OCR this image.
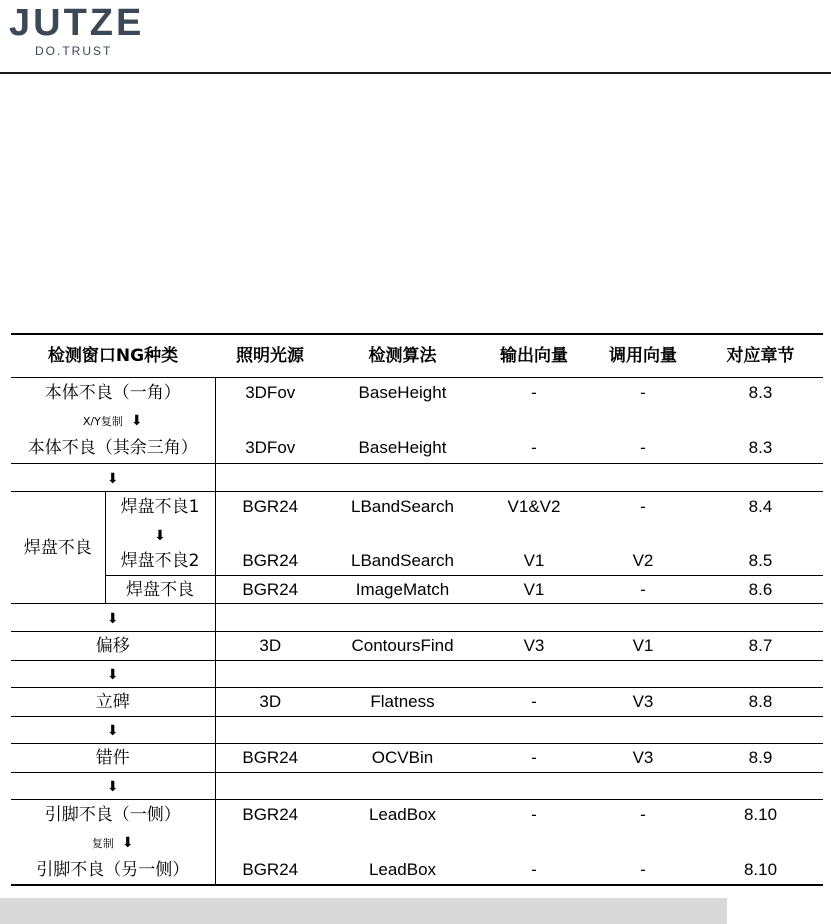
JUTZE
DO.TRUST
检测窗口NG种类		照明光源	检测算法	输出向量	调用向量	对应章节
本体不良（一角）		3DFov	BaseHeight	-	-	8.3
X/Y复制 ⬇						
本体不良（其余三角）		3DFov	BaseHeight	-	-	8.3
⬇						
焊盘不良	焊盘不良1	BGR24	LBandSearch	V1&V2	-	8.4
	⬇					
	焊盘不良2	BGR24	LBandSearch	V1	V2	8.5
	焊盘不良	BGR24	ImageMatch	V1	-	8.6
⬇						
偏移		3D	ContoursFind	V3	V1	8.7
⬇						
立碑		3D	Flatness	-	V3	8.8
⬇						
错件		BGR24	OCVBin	-	V3	8.9
⬇						
引脚不良（一侧）		BGR24	LeadBox	-	-	8.10
复制 ⬇						
引脚不良（另一侧）		BGR24	LeadBox	-	-	8.10
